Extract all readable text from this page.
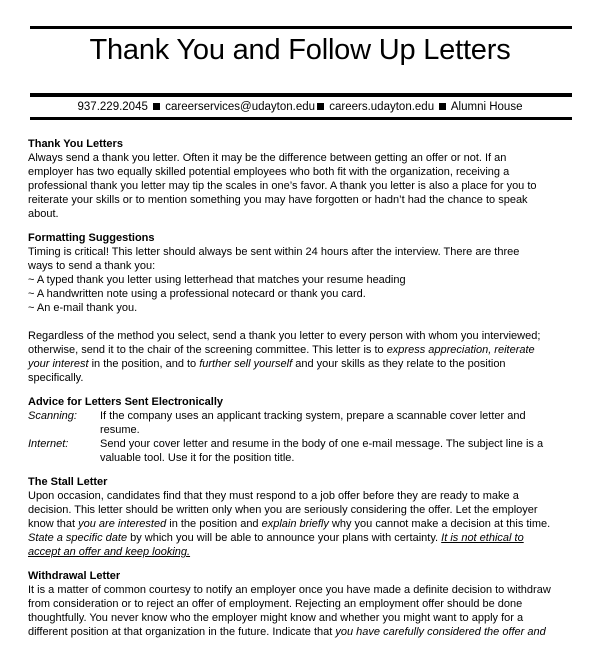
Thank You and Follow Up Letters
937.229.2045 careerservices@udayton.edu careers.udayton.edu Alumni House

Thank You Letters

Always send a thank you letter. Often it may be the difference between getting an offer or not. If an

employer has two equally skilled potential employees who both fit with the organization, receiving a

professional thank you letter may tip the scales in one’s favor. A thank you letter is also a place for you to

reiterate your skills or to mention something you may have forgotten or hadn’t had the chance to speak

about.

Formatting Suggestions

Timing is critical! This letter should always be sent within 24 hours after the interview. There are three

ways to send a thank you:

~ A typed thank you letter using letterhead that matches your resume heading

~ A handwritten note using a professional notecard or thank you card.

~ An e-mail thank you.

Regardless of the method you select, send a thank you letter to every person with whom you interviewed;

otherwise, send it to the chair of the screening committee. This letter is to express appreciation, reiterate

your interest in the position, and to further sell yourself and your skills as they relate to the position

specifically.

Advice for Letters Sent Electronically

Scanning:	If the company uses an applicant tracking system, prepare a scannable cover letter and

resume.

Internet:	Send your cover letter and resume in the body of one e-mail message. The subject line is a

valuable tool. Use it for the position title.

The Stall Letter

Upon occasion, candidates find that they must respond to a job offer before they are ready to make a

decision. This letter should be written only when you are seriously considering the offer. Let the employer

know that you are interested in the position and explain briefly why you cannot make a decision at this time.

State a specific date by which you will be able to announce your plans with certainty. It is not ethical to

accept an offer and keep looking.

Withdrawal Letter

It is a matter of common courtesy to notify an employer once you have made a definite decision to withdraw

from consideration or to reject an offer of employment. Rejecting an employment offer should be done

thoughtfully. You never know who the employer might know and whether you might want to apply for a

different position at that organization in the future. Indicate that you have carefully considered the offer and
